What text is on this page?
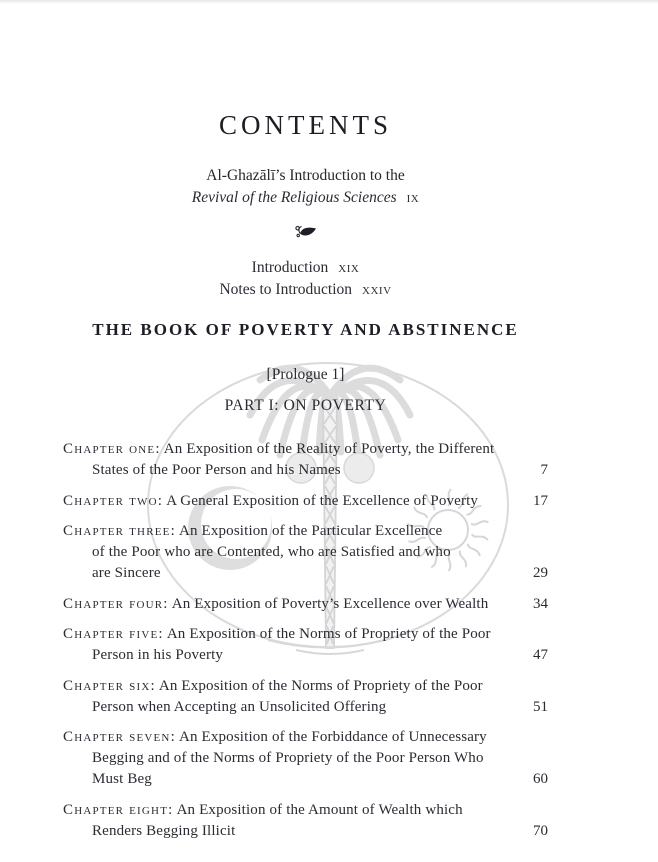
CONTENTS
Al-Ghazālī’s Introduction to the
Revival of the Religious Sciences ix
Introduction xix
Notes to Introduction xxiv
THE BOOK OF POVERTY AND ABSTINENCE
[Prologue 1]
PART I: ON POVERTY
Chapter one: An Exposition of the Reality of Poverty, the Different
States of the Poor Person and his Names	7
Chapter two: A General Exposition of the Excellence of Poverty	17
Chapter three: An Exposition of the Particular Excellence
of the Poor who are Contented, who are Satisfied and who
are Sincere	29
Chapter four: An Exposition of Poverty’s Excellence over Wealth	34
Chapter five: An Exposition of the Norms of Propriety of the Poor
Person in his Poverty	47
Chapter six: An Exposition of the Norms of Propriety of the Poor
Person when Accepting an Unsolicited Offering	51
Chapter seven: An Exposition of the Forbiddance of Unnecessary
Begging and of the Norms of Propriety of the Poor Person Who
Must Beg	60
Chapter eight: An Exposition of the Amount of Wealth which
Renders Begging Illicit	70
